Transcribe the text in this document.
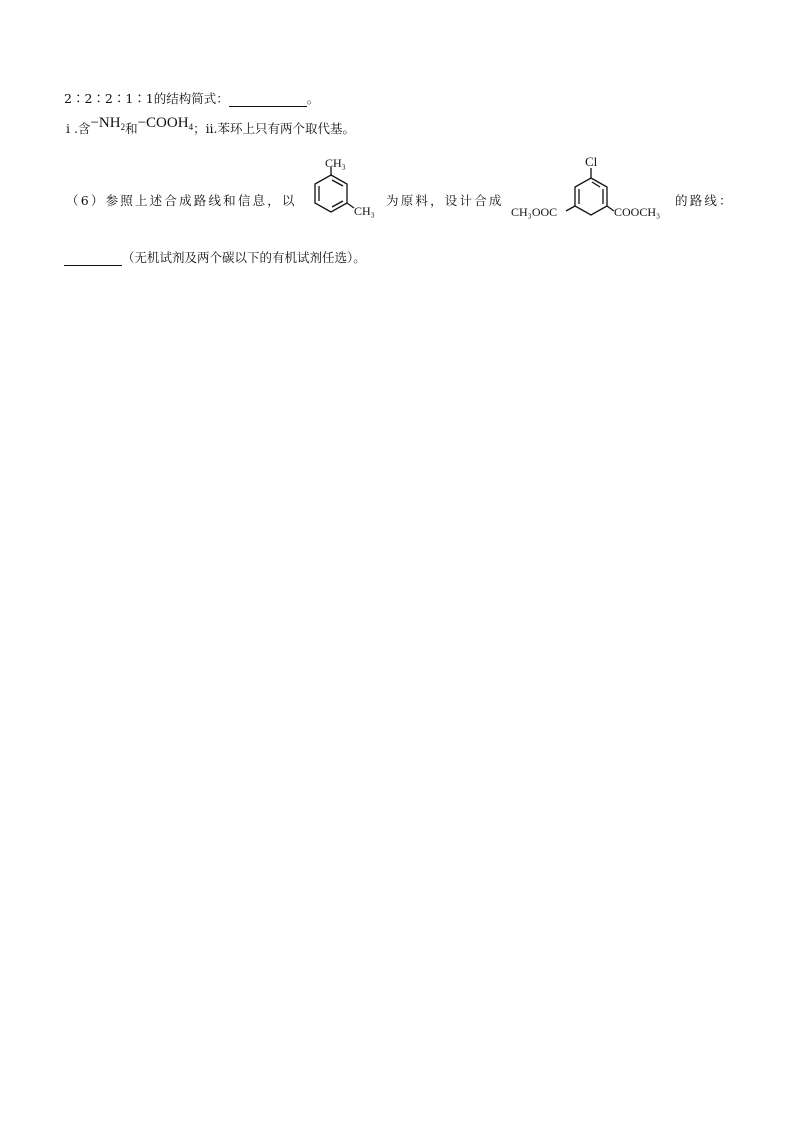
2∶2∶2∶1∶1的结构简式：	。
i .含$-NH_2$和$-COOH_4$；ii.苯环上只有两个取代基。
（6）参照上述合成路线和信息，以
CH₃
CH₃
为原料，设计合成
Cl
CH₃OOC	COOCH₃
的路线：
（无机试剂及两个碳以下的有机试剂任选）。
